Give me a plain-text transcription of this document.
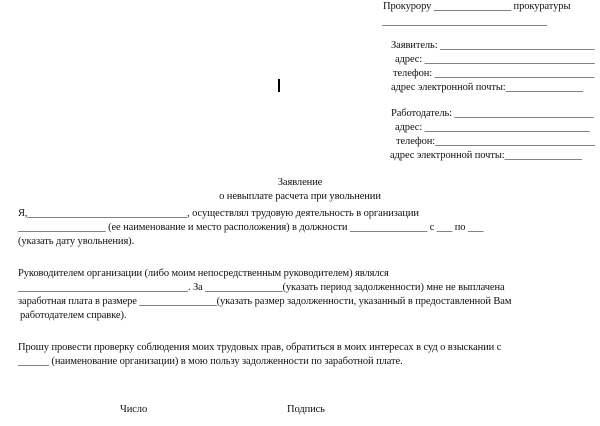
Прокурору _______________ прокуратуры
________________________________
Заявитель: ______________________________
адрес: _________________________________
телефон: _______________________________
адрес электронной почты:_______________
Работодатель: ___________________________
адрес: ________________________________
телефон:_______________________________
адрес электронной почты:_______________
Заявление
о невыплате расчета при увольнении
Я,_______________________________, осуществлял трудовую деятельность в организации
_________________ (ее наименование и место расположения) в должности _______________ с ___ по ___
(указать дату увольнения).
Руководителем организации (либо моим непосредственным руководителем) являлся
_________________________________. За _______________(указать период задолженности) мне не выплачена
заработная плата в размере _______________(указать размер задолженности, указанный в предоставленной Вам
работодателем справке).
Прошу провести проверку соблюдения моих трудовых прав, обратиться в моих интересах в суд о взыскании с
______ (наименование организации) в мою пользу задолженности по заработной плате.
Число	Подпись
